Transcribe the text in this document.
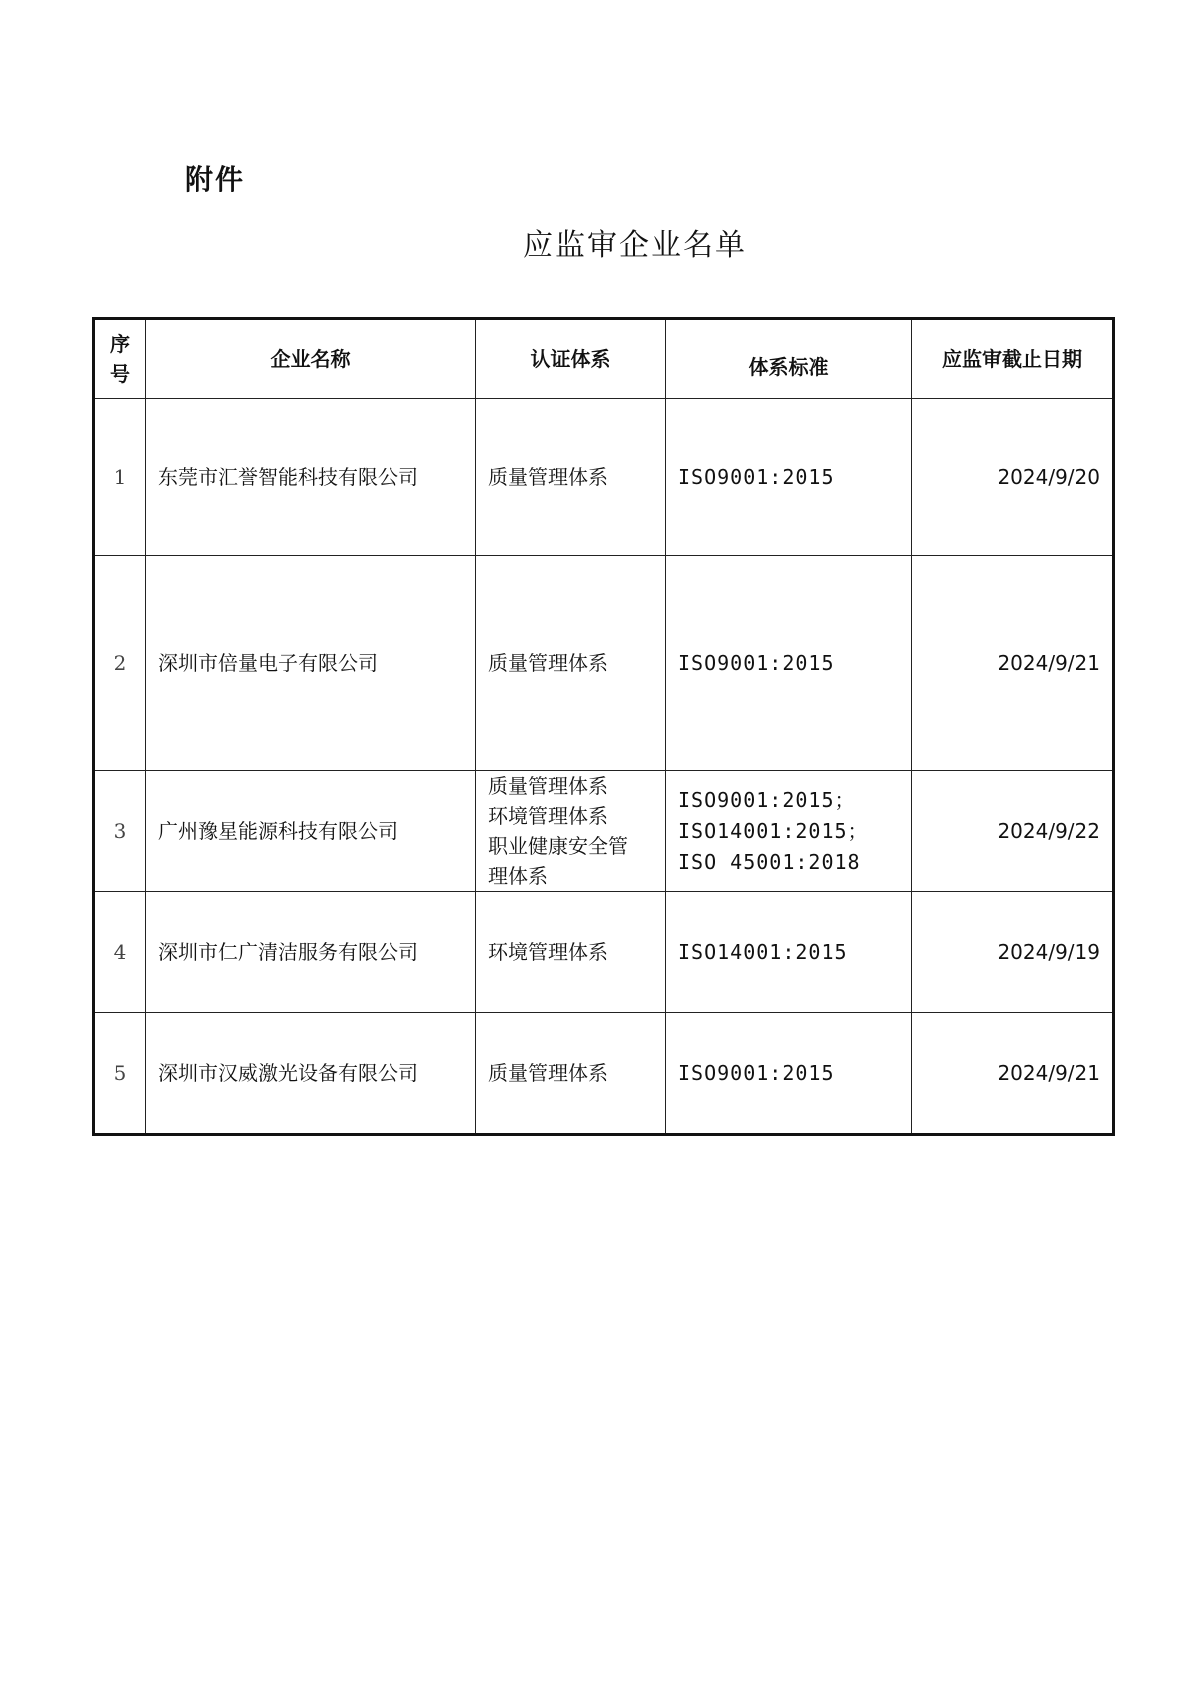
附件
应监审企业名单
序
号	企业名称	认证体系	体系标准	应监审截止日期
1	东莞市汇誉智能科技有限公司	质量管理体系	ISO9001:2015	2024/9/20
2	深圳市倍量电子有限公司	质量管理体系	ISO9001:2015	2024/9/21
3	广州豫星能源科技有限公司	质量管理体系
环境管理体系
职业健康安全管
理体系	ISO9001:2015；
ISO14001:2015；
ISO 45001:2018	2024/9/22
4	深圳市仁广清洁服务有限公司	环境管理体系	ISO14001:2015	2024/9/19
5	深圳市汉威激光设备有限公司	质量管理体系	ISO9001:2015	2024/9/21
